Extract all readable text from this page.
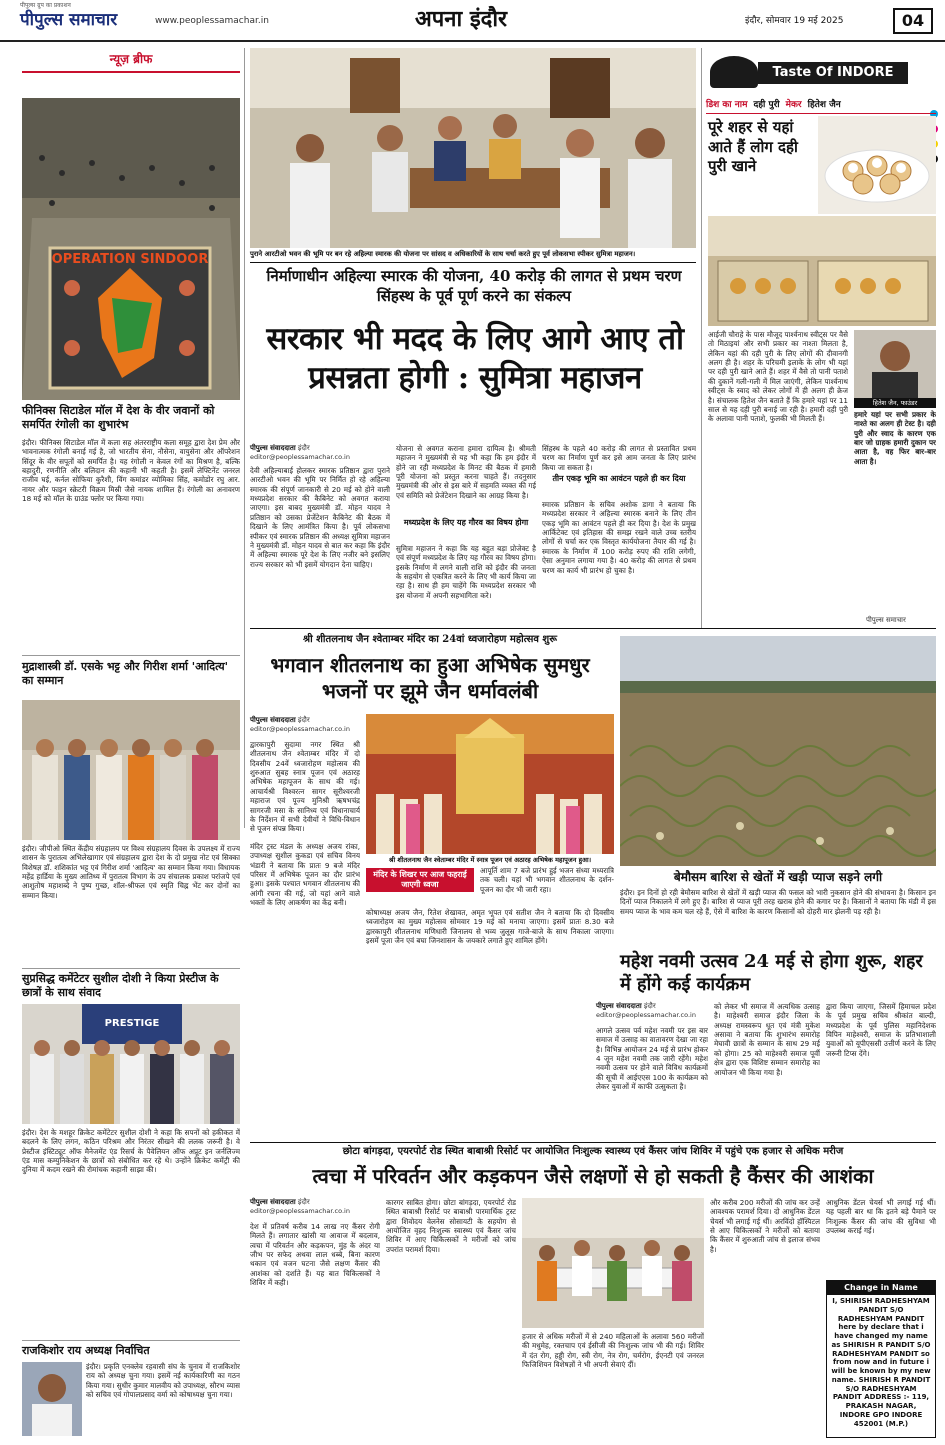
पीपुल्स ग्रुप का प्रकाशन
पीपुल्स समाचार	www.peoplessamachar.in	अपना इंदौर	इंदौर, सोमवार 19 मई 2025	04
न्यूज़ ब्रीफ
OPERATION SINDOOR
फीनिक्स सिटाडेल मॉल में देश के वीर जवानों को समर्पित रंगोली का शुभारंभ
इंदौर। फीनिक्स सिटाडेल मॉल में कला सह अंतरराष्ट्रीय कला समूह द्वारा देश प्रेम और भावनात्मक रंगोली बनाई गई है, जो भारतीय सेना, नौसेना, वायुसेना और ऑपरेशन सिंदूर के वीर सपूतों को समर्पित है। यह रंगोली न केवल रंगों का मिश्रण है, बल्कि बहादुरी, रणनीति और बलिदान की कहानी भी कहती है। इसमें लेफ्टिनेंट जनरल राजीव घई, कर्नल सोफिया कुरैशी, विंग कमांडर व्योमिका सिंह, कमोडोर रघु आर. नायर और फाइन स्क्रेटरी विक्रम मिस्री जैसे नायक शामिल हैं। रंगोली का अनावरण 18 मई को मॉल के ग्राउंड फ्लोर पर किया गया।
मुद्राशास्त्री डॉ. एसके भट्ट और गिरीश शर्मा 'आदित्य' का सम्मान
इंदौर। जीपीओ स्थित केंद्रीय संग्रहालय पर विश्व संग्रहालय दिवस के उपलक्ष्य में राज्य शासन के पुरातत्व अभिलेखागार एवं संग्रहालय द्वारा देश के दो प्रमुख नोट एवं सिक्का विशेषज्ञ डॉ. शशिकांत भट्ट एवं गिरीश शर्मा 'आदित्य' का सम्मान किया गया। विधायक महेंद्र हार्डिया के मुख्य आतिथ्य में पुरातत्व विभाग के उप संचालक प्रकाश परांजपे एवं आशुतोष महाशब्दे ने पुष्प गुच्छ, शॉल-श्रीफल एवं स्मृति चिह्न भेंट कर दोनों का सम्मान किया।
सुप्रसिद्ध कमेंटेटर सुशील दोशी ने किया प्रेस्टीज के छात्रों के साथ संवाद
PRESTIGE
इंदौर। देश के मशहूर क्रिकेट कमेंटेटर सुशील दोशी ने कहा कि सपनों को हकीकत में बदलने के लिए लगन, कठिन परिश्रम और निरंतर सीखने की ललक जरूरी है। वे प्रेस्टीज इंस्टिट्यूट ऑफ मैनेजमेंट एंड रिसर्च के पैवेलियन ऑफ अप्रूट इन जर्नलिज्म एंड मास कम्युनिकेशन के छात्रों को संबोधित कर रहे थे। उन्होंने क्रिकेट कमेंट्री की दुनिया में कदम रखने की रोमांचक कहानी साझा की।
राजकिशोर राय अध्यक्ष निर्वाचित
इंदौर। प्रकृति एनक्लेव रहवासी संघ के चुनाव में राजकिशोर राय को अध्यक्ष चुना गया। इसमें नई कार्यकारिणी का गठन किया गया। सुधीर कुमार मालवीय को उपाध्यक्ष, सौरभ व्यास को सचिव एवं गोपालप्रसाद वर्मा को कोषाध्यक्ष चुना गया।
पुराने आरटीओ भवन की भूमि पर बन रहे अहिल्या स्मारक की योजना पर सांसद व अधिकारियों के साथ चर्चा करते हुए पूर्व लोकसभा स्पीकर सुमित्रा महाजन।
निर्माणाधीन अहिल्या स्मारक की योजना, 40 करोड़ की लागत से प्रथम चरण सिंहस्थ के पूर्व पूर्ण करने का संकल्प
सरकार भी मदद के लिए आगे आए तो प्रसन्नता होगी : सुमित्रा महाजन
पीपुल्स संवाददाता इंदौर
editor@peoplessamachar.co.in
देवी अहिल्याबाई होलकर स्मारक प्रतिष्ठान द्वारा पुराने आरटीओ भवन की भूमि पर निर्मित हो रहे अहिल्या स्मारक की संपूर्ण जानकारी से 20 मई को होने वाली मध्यप्रदेश सरकार की कैबिनेट को अवगत कराया जाएगा। इस बाबद मुख्यमंत्री डॉ. मोहन यादव ने प्रतिष्ठान को उसका प्रेजेंटेशन कैबिनेट की बैठक में दिखाने के लिए आमंत्रित किया है। पूर्व लोकसभा स्पीकर एवं स्मारक प्रतिष्ठान की अध्यक्ष सुमित्रा महाजन ने मुख्यमंत्री डॉ. मोहन यादव से बात कर कहा कि इंदौर में अहिल्या स्मारक पूरे देश के लिए नजीर बने इसलिए राज्य सरकार को भी इसमें योगदान देना चाहिए।
योजना से अवगत कराना हमारा दायित्व है। श्रीमती महाजन ने मुख्यमंत्री से यह भी कहा कि हम इंदौर में होने जा रही मध्यप्रदेश के मिनट की बैठक में हमारी पूरी योजना को प्रस्तुत करना चाहते हैं। तदनुसार मुख्यमंत्री की ओर से इस बारे में सहमति व्यक्त की गई एवं समिति को प्रेजेंटेशन दिखाने का आग्रह किया है।
मध्यप्रदेश के लिए यह गौरव का विषय होगा
सुमित्रा महाजन ने कहा कि यह बहुत बड़ा प्रोजेक्ट है एवं संपूर्ण मध्यप्रदेश के लिए यह गौरव का विषय होगा। इसके निर्माण में लगने वाली राशि को इंदौर की जनता के सहयोग से एकत्रित करने के लिए भी कार्य किया जा रहा है। साथ ही हम चाहेंगे कि मध्यप्रदेश सरकार भी इस योजना में अपनी सहभागिता करे।
सिंहस्थ के पहले 40 करोड़ की लागत से प्रस्तावित प्रथम चरण का निर्माण पूर्ण कर इसे आम जनता के लिए प्रारंभ किया जा सकता है।
तीन एकड़ भूमि का आवंटन पहले ही कर दिया
स्मारक प्रतिष्ठान के सचिव अशोक डागा ने बताया कि मध्यप्रदेश सरकार ने अहिल्या स्मारक बनाने के लिए तीन एकड़ भूमि का आवंटन पहले ही कर दिया है। देश के प्रमुख आर्किटेक्ट एवं इतिहास की समझ रखने वाले उच्च स्तरीय लोगों से चर्चा कर एक विस्तृत कार्ययोजना तैयार की गई है। स्मारक के निर्माण में 100 करोड़ रुपए की राशि लगेगी, ऐसा अनुमान लगाया गया है। 40 करोड़ की लागत से प्रथम चरण का कार्य भी प्रारंभ हो चुका है।
Taste Of INDORE
डिश का नाम दही पुरी मेकर हितेश जैन
पूरे शहर से यहां आते हैं लोग दही पुरी खाने
आईजी चौराहे के पास मौजूद पार्श्वनाथ स्वीट्स पर वैसे तो मिठाइयां और सभी प्रकार का नाश्ता मिलता है, लेकिन यहां की दही पुरी के लिए लोगों की दीवानगी अलग ही है। शहर के परिचमी इलाके के लोग भी यहां पर दही पुरी खाने आते हैं। शहर में वैसे तो पानी पताशे की दुकानें गली-गली में मिल जाएंगी, लेकिन पार्श्वनाथ स्वीट्स के स्वाद को लेकर लोगों में ही अलग ही क्रेज है। संचालक हितेश जैन बताते हैं कि हमारे यहां पर 11 साल से यह दही पुरी बनाई जा रही है। हमारी दही पुरी के अलावा पानी पताशे, फुलकी भी मिलती हैं।
हितेश जैन, फाउंडर
हमारे यहां पर सभी प्रकार के नाश्ते का अलग ही टेस्ट है। दही पुरी और स्वाद के कारण एक बार जो ग्राहक हमारी दुकान पर आता है, वह फिर बार-बार आता है।
पीपुल्स समाचार
श्री शीतलनाथ जैन श्वेताम्बर मंदिर का 24वां ध्वजारोहण महोत्सव शुरू
भगवान शीतलनाथ का हुआ अभिषेक सुमधुर भजनों पर झूमे जैन धर्मावलंबी
पीपुल्स संवाददाता इंदौर
editor@peoplessamachar.co.in
द्वारकापुरी सुदामा नगर स्थित श्री शीतलनाथ जैन श्वेताम्बर मंदिर में दो दिवसीय 24वें ध्वजारोहण महोत्सव की शुरुआत सुबह स्नात्र पूजन एवं अठारह अभिषेक महापूजन के साथ की गई। आचार्यश्री विश्वरत्न सागर सूरीश्वरजी महाराज एवं पूज्य मुनिश्री ऋषभचंद्र सागरजी मसा के सानिध्य एवं विधानाचार्य के निर्देशन में सभी देवीयों ने विधि-विधान से पूजन संपन्न किया।
श्री शीतलनाथ जैन श्वेताम्बर मंदिर में स्नात्र पूजन एवं अठारह अभिषेक महापूजन हुआ।
मंदिर ट्रस्ट मंडल के अध्यक्ष अजय रांका, उपाध्यक्ष सुशील कुकडा एवं सचिव विनय भंडारी ने बताया कि प्रातः 9 बजे मंदिर परिसर में अभिषेक पूजन का दौर प्रारंभ हुआ। इसके पश्चात भगवान शीतलनाथ की आंगी रचना की गई, जो यहां आने वाले भक्तों के लिए आकर्षण का केंद्र बनी।
आपूर्ति शाम 7 बजे प्रारंभ हुई भजन संध्या मध्यरात्रि तक चली। यहां भी भगवान शीतलनाथ के दर्शन-पूजन का दौर भी जारी रहा।
मंदिर के शिखर पर आज फहराई जाएगी ध्वजा
कोषाध्यक्ष अजय जैन, रितेश शेखावत, अमृत भूपत एवं सतीश जैन ने बताया कि दो दिवसीय ध्वजारोहण का मुख्य महोत्सव सोमवार 19 मई को मनाया जाएगा। इसमें प्रातः 8.30 बजे द्वारकापुरी शीतलनाथ मणिधारी जिनालय से भव्य जुलूस गाजे-बाजे के साथ निकाला जाएगा। इसमें पूजा जैन एवं बघा जिनशासन के जयकारे लगाते हुए शामिल होंगे।
बेमौसम बारिश से खेतों में खड़ी प्याज सड़ने लगी
इंदौर। इन दिनों हो रही बेमौसम बारिश से खेतों में खड़ी प्याज की फसल को भारी नुकसान होने की संभावना है। किसान इन दिनों प्याज निकालने में लगे हुए हैं। बारिश से प्याज पूरी तरह खराब होने की कगार पर है। किसानों ने बताया कि मंडी में इस समय प्याज के भाव कम चल रहे हैं, ऐसे में बारिश के कारण किसानों को दोहरी मार झेलनी पड़ रही है।
महेश नवमी उत्सव 24 मई से होगा शुरू, शहर में होंगे कई कार्यक्रम
पीपुल्स संवाददाता इंदौर
editor@peoplessamachar.co.in
आगले उत्सव पर्व महेश नवमी पर इस बार समाज में उत्साह का वातावरण देखा जा रहा है। विभिन्न आयोजन 24 मई से प्रारंभ होकर 4 जून महेश नवमी तक जारी रहेंगे। महेश नवमी उत्सव पर होने वाले विविध कार्यक्रमों की सूची में आईएएस 100 के कार्यक्रम को लेकर युवाओं में काफी उत्सुकता है।
को लेकर भी समाज में अत्यधिक उत्साह है। माहेश्वरी समाज इंदौर जिला के अध्यक्ष रामस्वरूप धूत एवं मंत्री मुकेश असावा ने बताया कि शुभारंभ समारोह मेघावी छात्रों के सम्मान के साथ 29 मई को होगा। 25 को माहेश्वरी समाज पूर्वी क्षेत्र द्वारा एक विशिष्ट सम्मान समारोह का आयोजन भी किया गया है।
द्वारा किया जाएगा, जिसमें हिमाचल प्रदेश के पूर्व प्रमुख सचिव श्रीकांत बाल्दी, मध्यप्रदेश के पूर्व पुलिस महानिदेशक विपिन माहेश्वरी, समाज के प्रतिभाशाली युवाओं को यूपीएससी उत्तीर्ण करने के लिए जरूरी टिप्स देंगे।
छोटा बांगड़दा, एयरपोर्ट रोड स्थित बाबाश्री रिसोर्ट पर आयोजित निःशुल्क स्वास्थ्य एवं कैंसर जांच शिविर में पहुंचे एक हजार से अधिक मरीज
त्वचा में परिवर्तन और कड़कपन जैसे लक्षणों से हो सकती है कैंसर की आशंका
पीपुल्स संवाददाता इंदौर
editor@peoplessamachar.co.in
देश में प्रतिवर्ष करीब 14 लाख नए कैंसर रोगी मिलते हैं। लगातार खांसी या आवाज में बदलाव, त्वचा में परिवर्तन और कड़कपन, मुंह के अंदर या जीभ पर सफेद अथवा लाल धब्बे, बिना कारण थकान एवं वजन घटना जैसे लक्षण कैंसर की आशंका को दर्शाते हैं। यह बात चिकित्सकों ने शिविर में कही।
कारगर साबित होगा। छोटा बांगड़दा, एयरपोर्ट रोड स्थित बाबाश्री रिसोर्ट पर बाबाश्री पारमार्थिक ट्रस्ट द्वारा शिवोदय वेलनेस सोसायटी के सहयोग से आयोजित वृहद निःशुल्क स्वास्थ्य एवं कैंसर जांच शिविर में आए चिकित्सकों ने मरीजों को जांच उपरांत परामर्श दिया।
हजार से अधिक मरीजों में से 240 महिलाओं के अलावा 560 मरीजों की मधुमेह, रक्तचाप एवं ईसीजी की निःशुल्क जांच भी की गई। शिविर में दंत रोग, हड्डी रोग, स्त्री रोग, नेत्र रोग, चर्मरोग, ईएनटी एवं जनरल फिजिशियन विशेषज्ञों ने भी अपनी सेवाएं दीं।
और करीब 200 मरीजों की जांच कर उन्हें आवश्यक परामर्श दिया। दो आधुनिक डेंटल चेयर्स भी लगाई गई थीं। अरविंदो हॉस्पिटल से आए चिकित्सकों ने मरीजों को बताया कि कैंसर में शुरुआती जांच से इलाज संभव है।
आधुनिक डेंटल चेयर्स भी लगाई गई थीं। यह पहली बार था कि इतने बड़े पैमाने पर निःशुल्क कैंसर की जांच की सुविधा भी उपलब्ध कराई गई।
Change in Name
I, SHIRISH RADHESHYAM PANDIT S/O RADHESHYAM PANDIT here by declare that i have changed my name as SHIRISH R PANDIT S/O RADHESHYAM PANDIT so from now and in future i will be known by my new name. SHIRISH R PANDIT S/O RADHESHYAM PANDIT ADDRESS :- 119, PRAKASH NAGAR, INDORE GPO INDORE 452001 (M.P.)
